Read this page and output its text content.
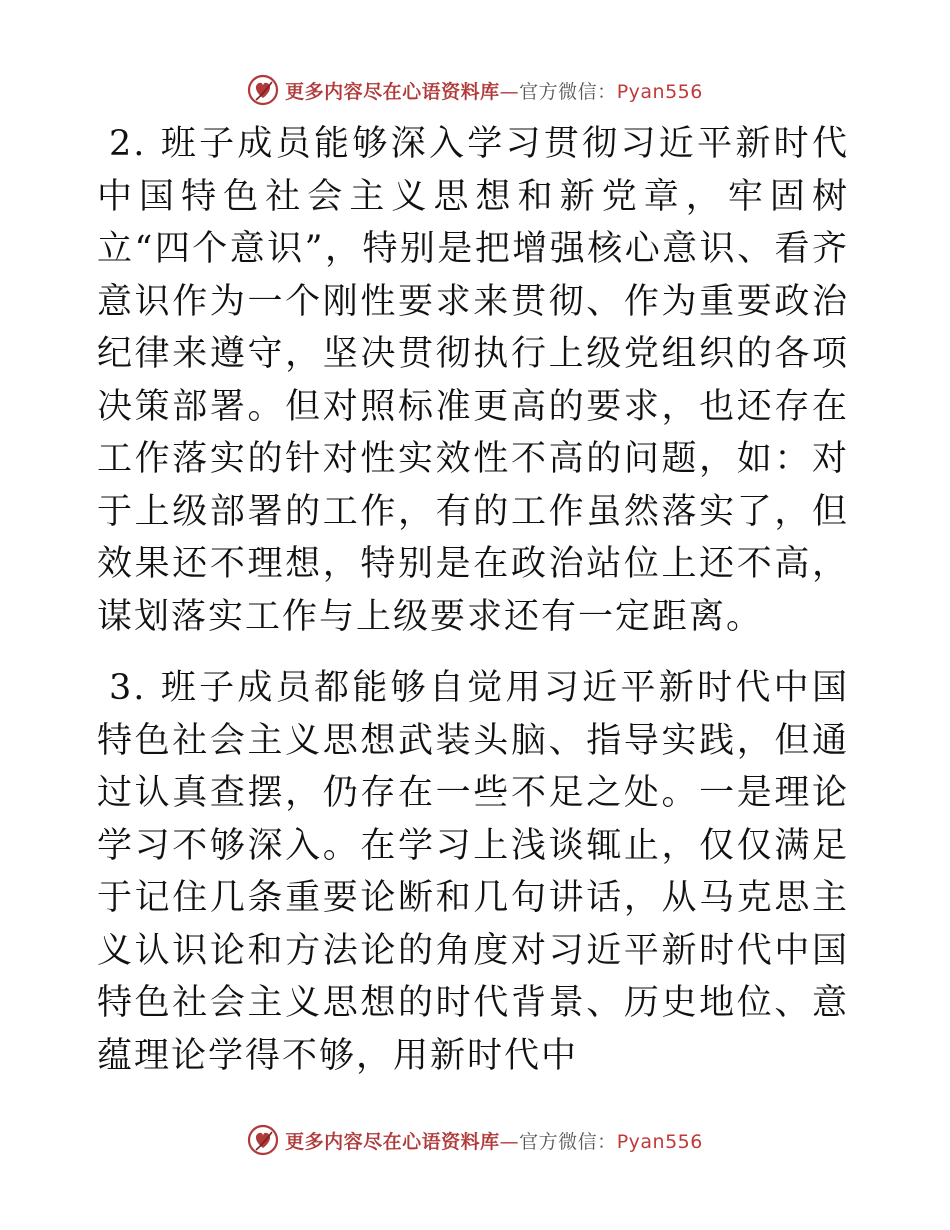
更多内容尽在心语资料库—官方微信：Pyan556

2. 班子成员能够深入学习贯彻习近平新时代中国特色社会主义思想和新党章，牢固树立“四个意识”，特别是把增强核心意识、看齐意识作为一个刚性要求来贯彻、作为重要政治纪律来遵守，坚决贯彻执行上级党组织的各项决策部署。但对照标准更高的要求，也还存在工作落实的针对性实效性不高的问题，如：对于上级部署的工作，有的工作虽然落实了，但效果还不理想，特别是在政治站位上还不高，谋划落实工作与上级要求还有一定距离。

3. 班子成员都能够自觉用习近平新时代中国特色社会主义思想武装头脑、指导实践，但通过认真查摆，仍存在一些不足之处。一是理论学习不够深入。在学习上浅谈辄止，仅仅满足于记住几条重要论断和几句讲话，从马克思主义认识论和方法论的角度对习近平新时代中国特色社会主义思想的时代背景、历史地位、意蕴理论学得不够，用新时代中

更多内容尽在心语资料库—官方微信：Pyan556
